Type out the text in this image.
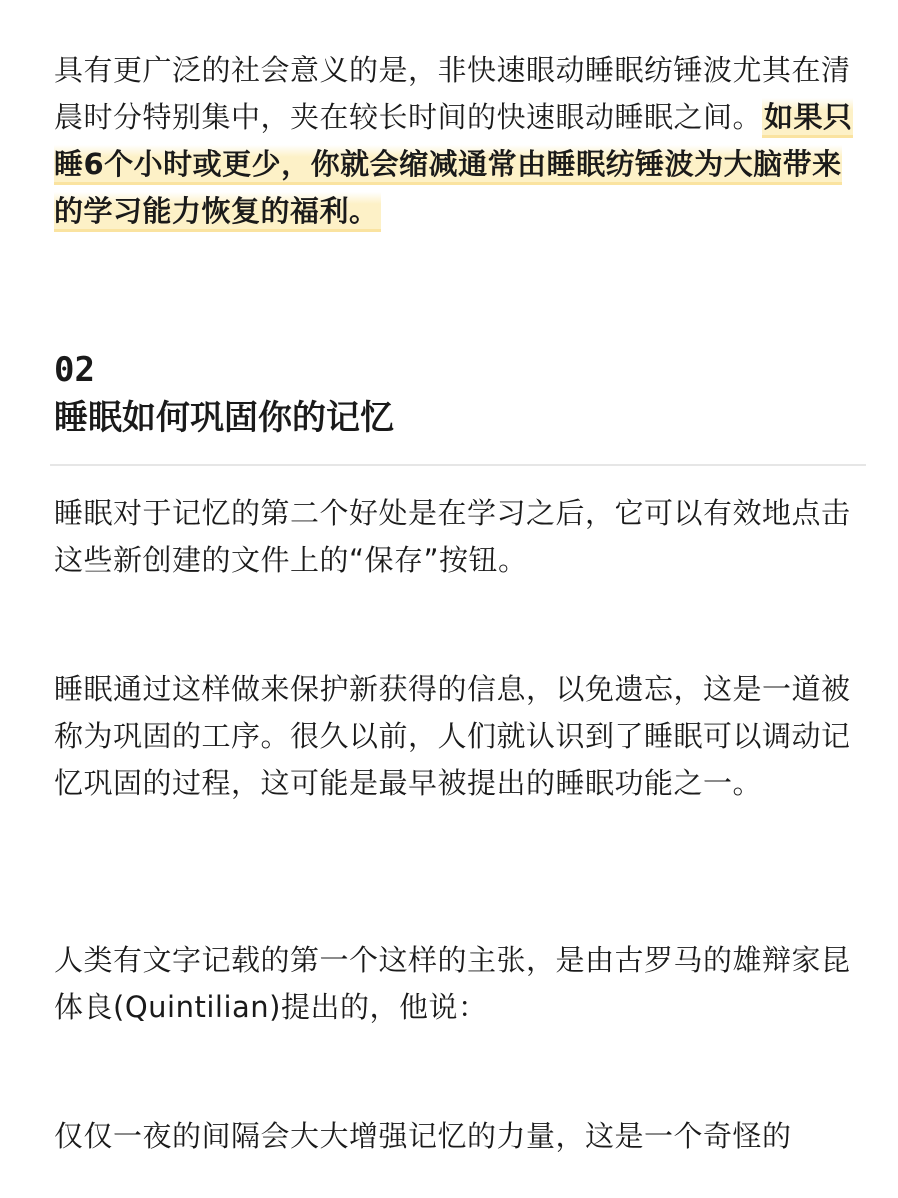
具有更广泛的社会意义的是，非快速眼动睡眠纺锤波尤其在清晨时分特别集中，夹在较长时间的快速眼动睡眠之间。如果只睡6个小时或更少，你就会缩减通常由睡眠纺锤波为大脑带来的学习能力恢复的福利。

02
睡眠如何巩固你的记忆

睡眠对于记忆的第二个好处是在学习之后，它可以有效地点击这些新创建的文件上的“保存”按钮。

睡眠通过这样做来保护新获得的信息，以免遗忘，这是一道被称为巩固的工序。很久以前，人们就认识到了睡眠可以调动记忆巩固的过程，这可能是最早被提出的睡眠功能之一。

人类有文字记载的第一个这样的主张，是由古罗马的雄辩家昆体良(Quintilian)提出的，他说：

仅仅一夜的间隔会大大增强记忆的力量，这是一个奇怪的
